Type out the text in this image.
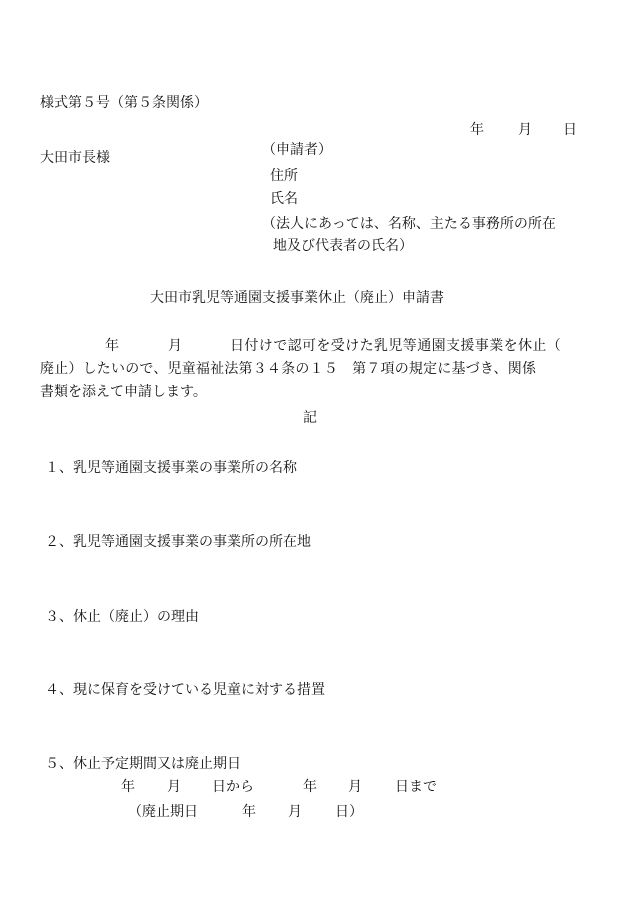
様式第５号（第５条関係）
年 月 日
大田市長様	（申請者）
住所
氏名
（法人にあっては、名称、主たる事務所の所在
地及び代表者の氏名）
大田市乳児等通園支援事業休止（廃止）申請書
年	月	日付けで認可を受けた乳児等通園支援事業を休止（
廃止）したいので、児童福祉法第３４条の１５　第７項の規定に基づき、関係
書類を添えて申請します。
記
１、乳児等通園支援事業の事業所の名称
２、乳児等通園支援事業の事業所の所在地
３、休止（廃止）の理由
４、現に保育を受けている児童に対する措置
５、休止予定期間又は廃止期日
年 月 日から	年 月 日まで
（廃止期日	年 月 日）
